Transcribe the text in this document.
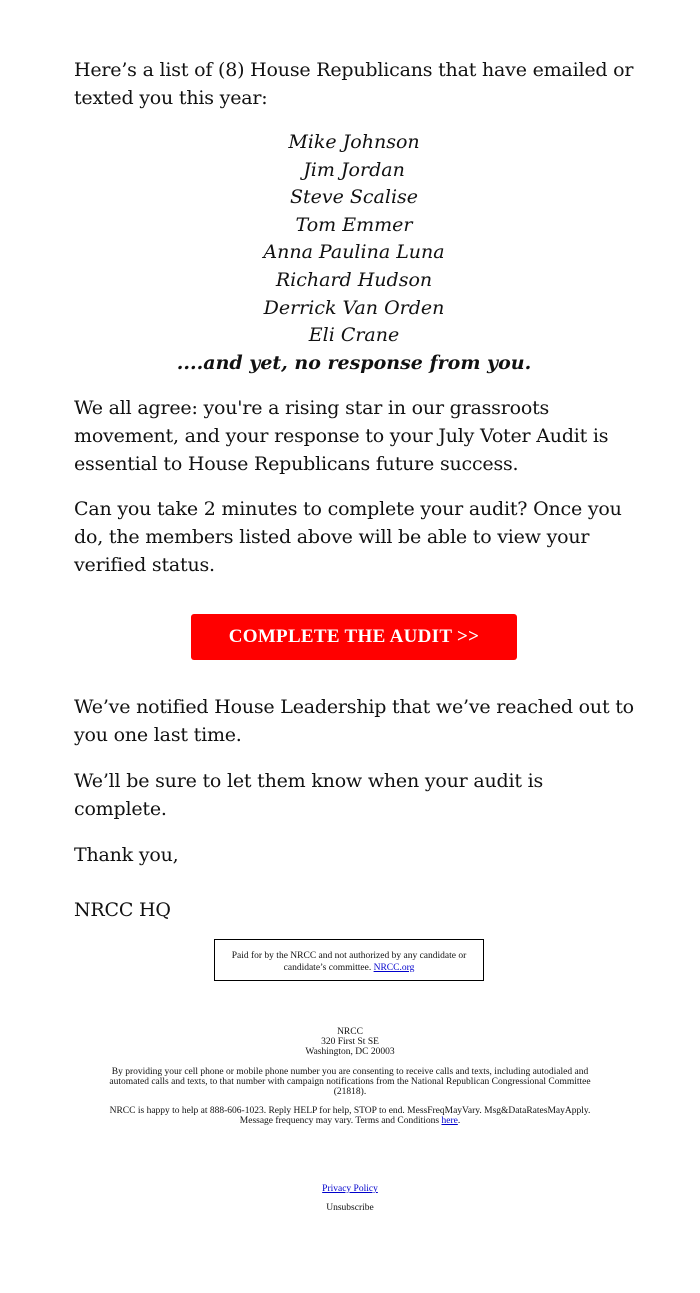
Here’s a list of (8) House Republicans that have emailed or texted you this year:

Mike Johnson
Jim Jordan
Steve Scalise
Tom Emmer
Anna Paulina Luna
Richard Hudson
Derrick Van Orden
Eli Crane

....and yet, no response from you.

We all agree: you're a rising star in our grassroots movement, and your response to your July Voter Audit is essential to House Republicans future success.

Can you take 2 minutes to complete your audit? Once you do, the members listed above will be able to view your verified status.

COMPLETE THE AUDIT >>

We’ve notified House Leadership that we’ve reached out to you one last time.

We’ll be sure to let them know when your audit is complete.

Thank you,

NRCC HQ

Paid for by the NRCC and not authorized by any candidate or candidate’s committee. NRCC.org

NRCC

320 First St SE

Washington, DC 20003

By providing your cell phone or mobile phone number you are consenting to receive calls and texts, including autodialed and automated calls and texts, to that number with campaign notifications from the National Republican Congressional Committee (21818).

NRCC is happy to help at 888-606-1023. Reply HELP for help, STOP to end. MessFreqMayVary. Msg&DataRatesMayApply. Message frequency may vary. Terms and Conditions here.

Privacy Policy

Unsubscribe
